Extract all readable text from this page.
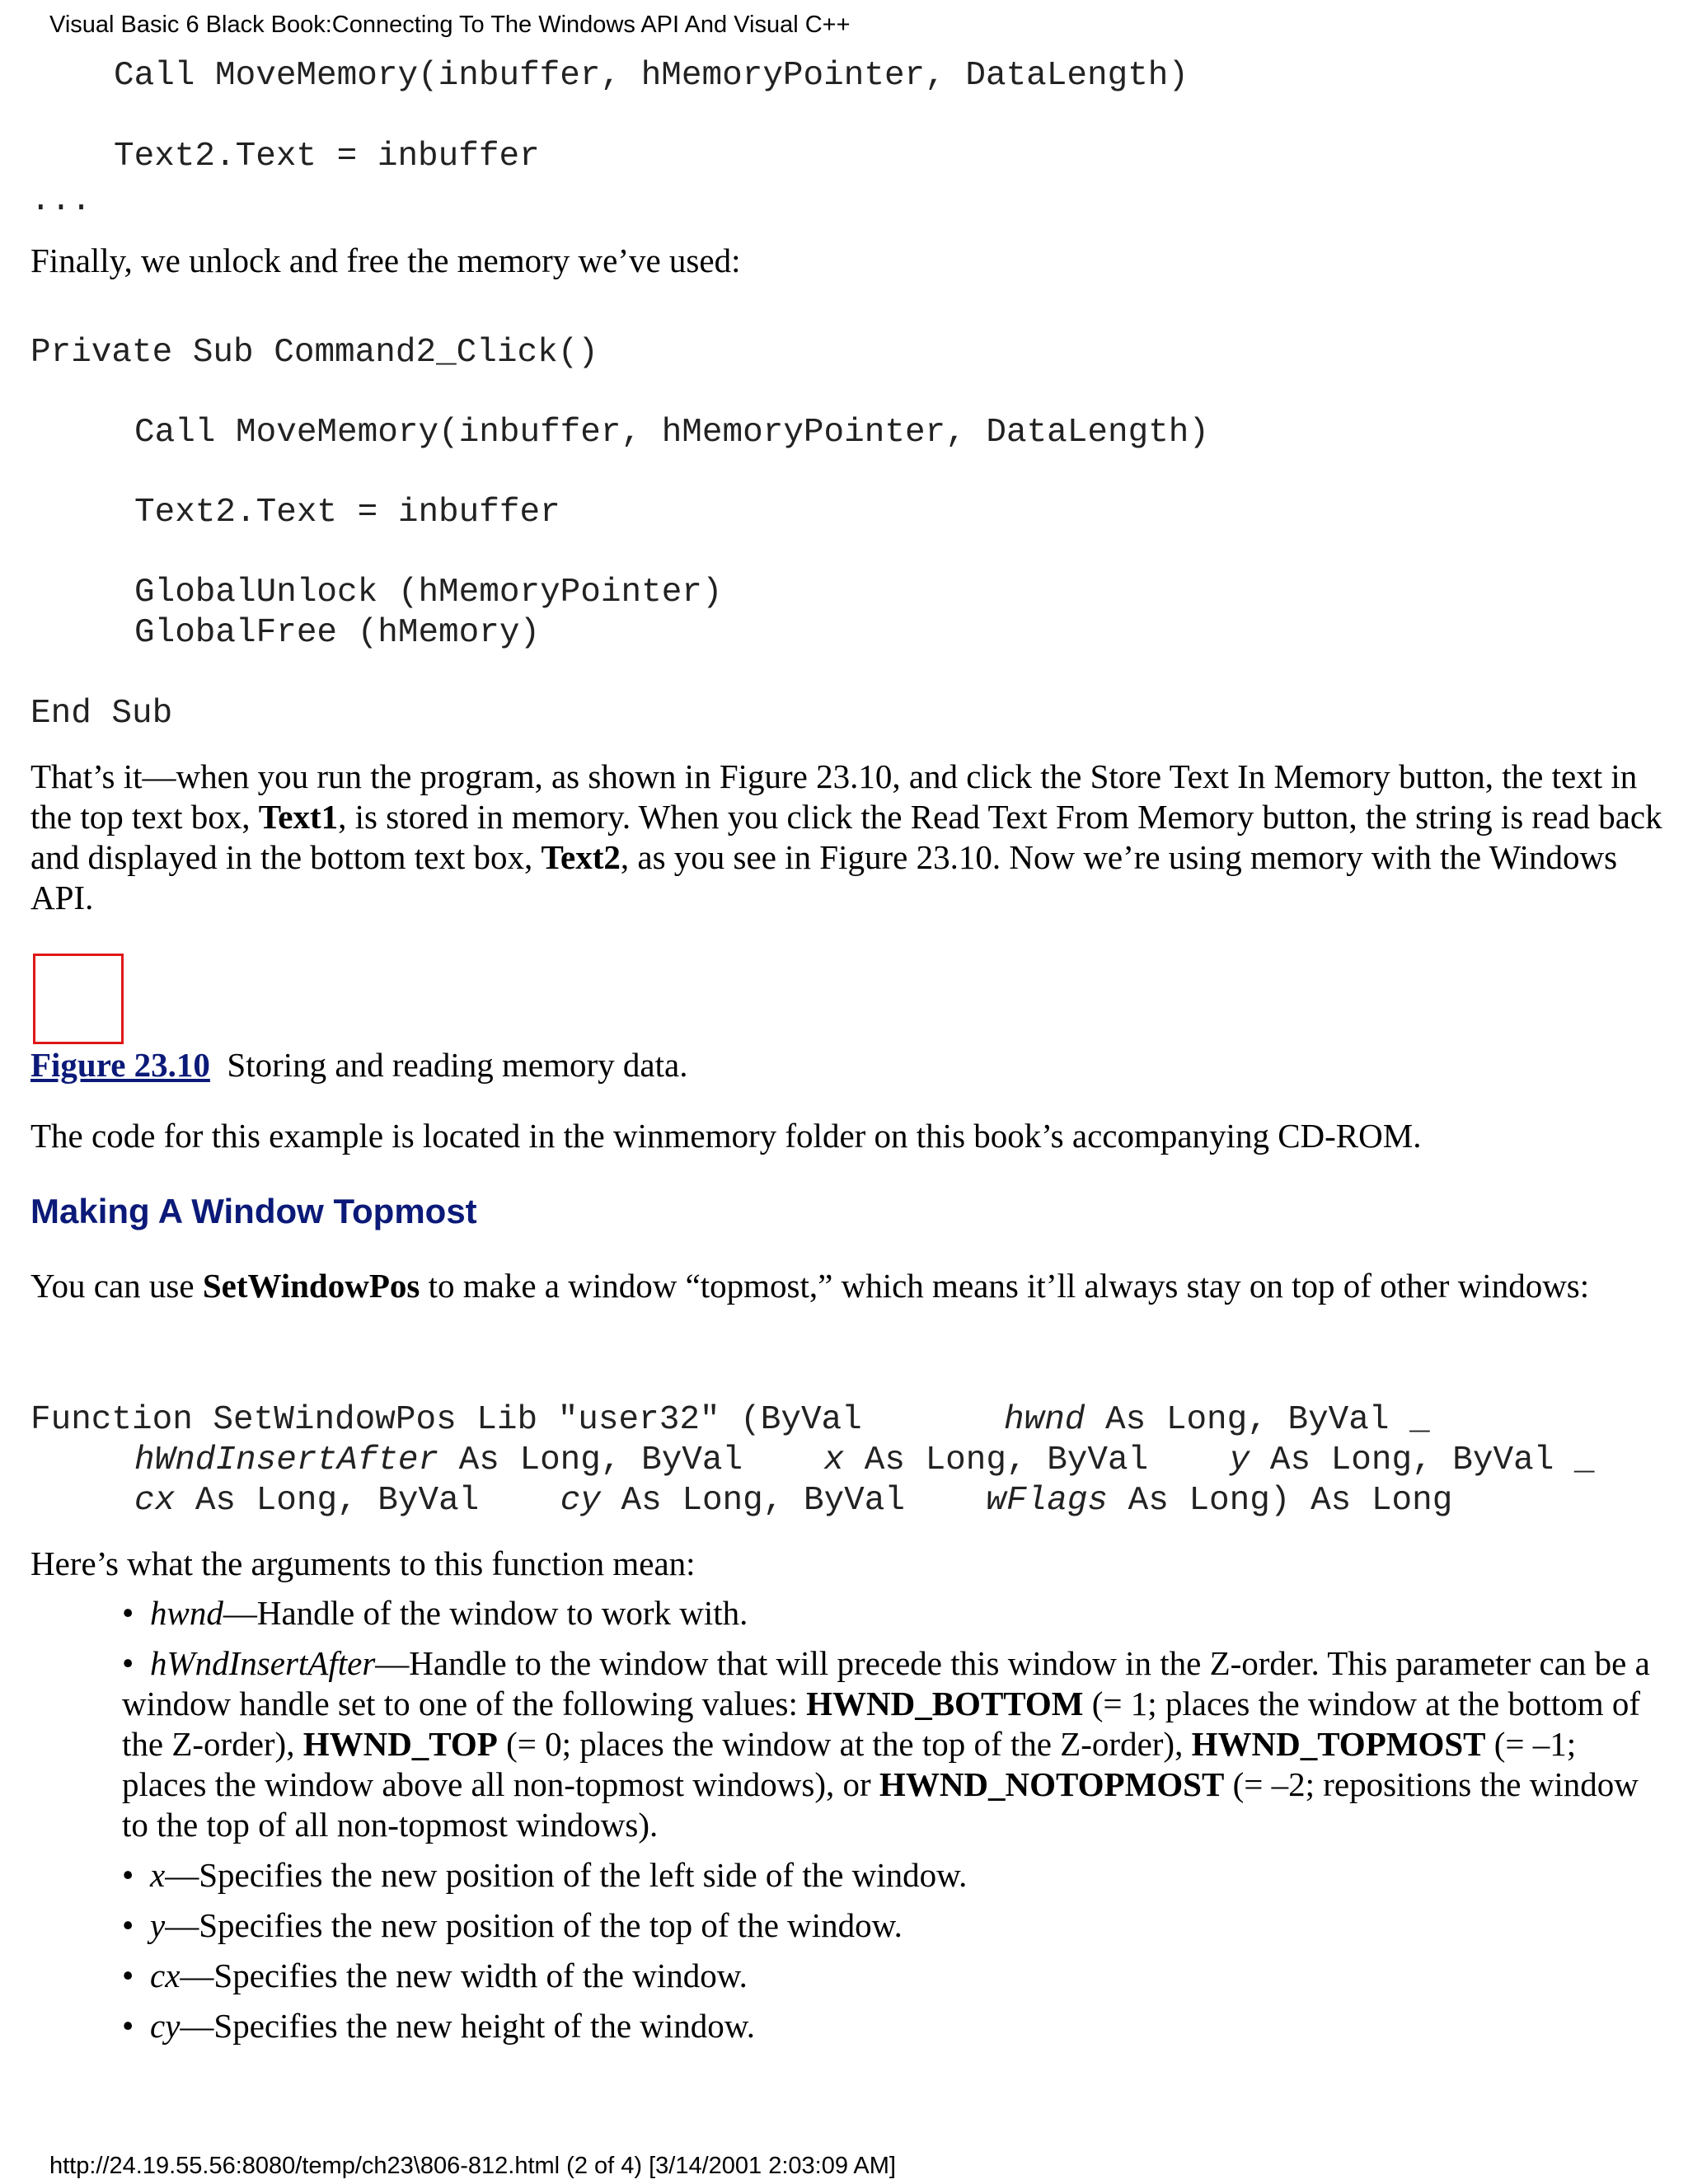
Visual Basic 6 Black Book:Connecting To The Windows API And Visual C++
Call MoveMemory(inbuffer, hMemoryPointer, DataLength)
Text2.Text = inbuffer
...
Finally, we unlock and free the memory we’ve used:
Private Sub Command2_Click()
Call MoveMemory(inbuffer, hMemoryPointer, DataLength)
Text2.Text = inbuffer
GlobalUnlock (hMemoryPointer)
GlobalFree (hMemory)
End Sub

That’s it—when you run the program, as shown in Figure 23.10, and click the Store Text In Memory button, the text in the top text box, Text1, is stored in memory. When you click the Read Text From Memory button, the string is read back and displayed in the bottom text box, Text2, as you see in Figure 23.10. Now we’re using memory with the Windows API.

Figure 23.10 Storing and reading memory data.
The code for this example is located in the winmemory folder on this book’s accompanying CD-ROM.
Making A Window Topmost

You can use SetWindowPos to make a window “topmost,” which means it’ll always stay on top of other windows:

Function SetWindowPos Lib "user32" (ByVal       hwnd As Long, ByVal _
hWndInsertAfter As Long, ByVal    x As Long, ByVal    y As Long, ByVal _
cx As Long, ByVal    cy As Long, ByVal    wFlags As Long) As Long
Here’s what the arguments to this function mean:
• hwnd—Handle of the window to work with.
• hWndInsertAfter—Handle to the window that will precede this window in the Z-order. This parameter can be a window handle set to one of the following values: HWND_BOTTOM (= 1; places the window at the bottom of the Z-order), HWND_TOP (= 0; places the window at the top of the Z-order), HWND_TOPMOST (= –1; places the window above all non-topmost windows), or HWND_NOTOPMOST (= –2; repositions the window to the top of all non-topmost windows).
• x—Specifies the new position of the left side of the window.
• y—Specifies the new position of the top of the window.
• cx—Specifies the new width of the window.
• cy—Specifies the new height of the window.
http://24.19.55.56:8080/temp/ch23\806-812.html (2 of 4) [3/14/2001 2:03:09 AM]
